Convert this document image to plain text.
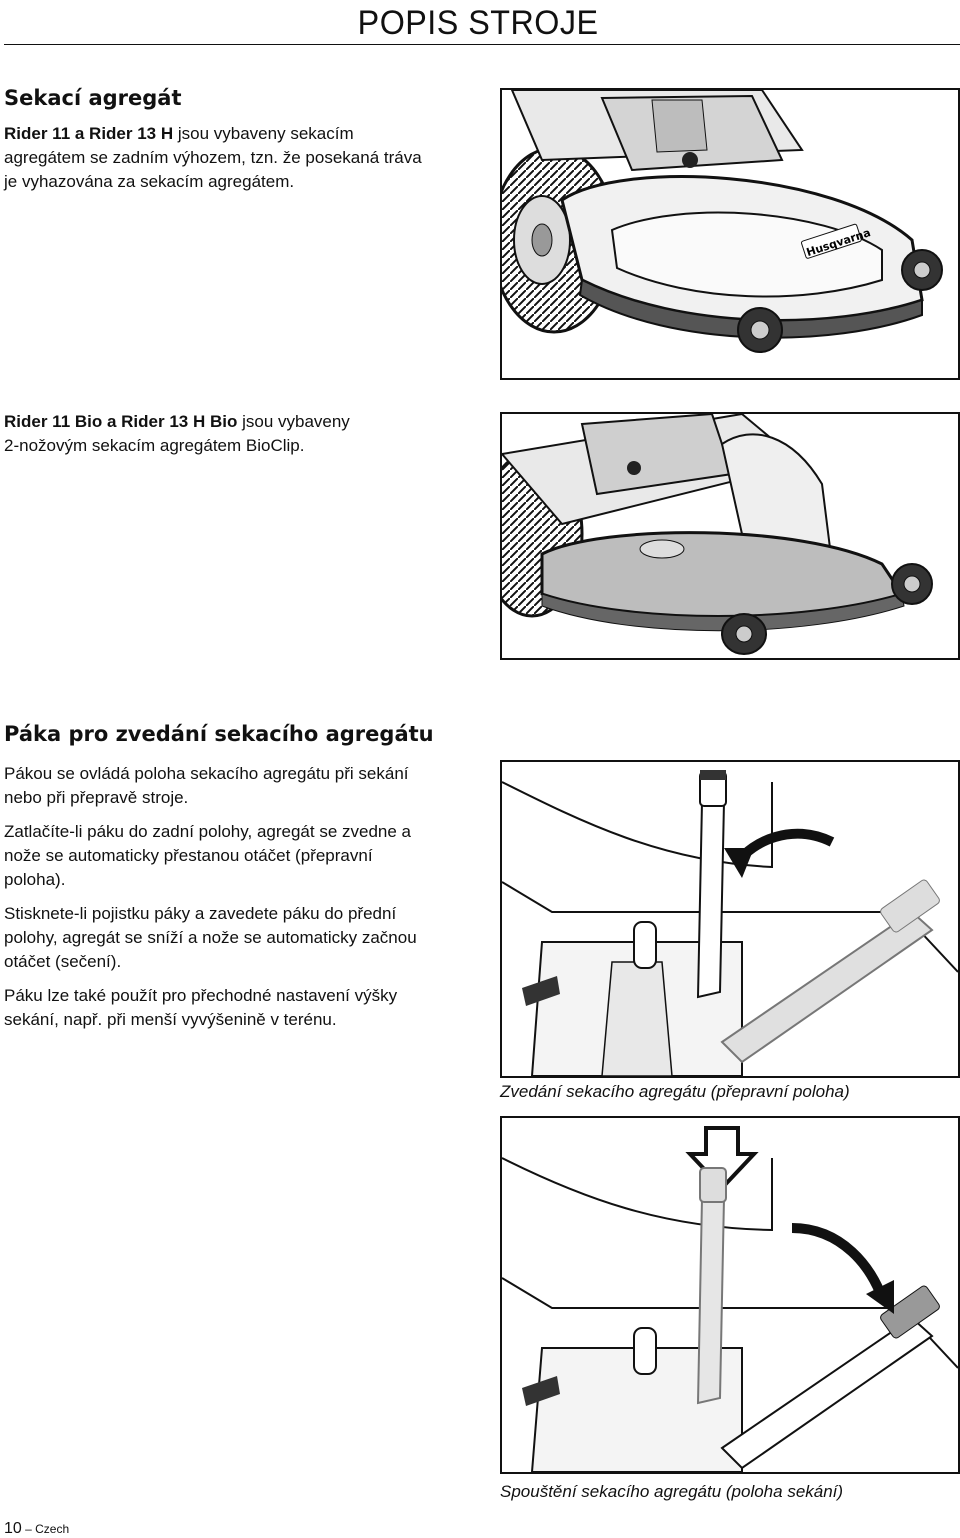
POPIS STROJE
Sekací agregát
Rider 11 a Rider 13 H jsou vybaveny sekacím
agregátem se zadním výhozem, tzn. že posekaná tráva
je vyhazována za sekacím agregátem.
Rider 11 Bio a Rider 13 H Bio jsou vybaveny
2-nožovým sekacím agregátem BioClip.
Husqvarna
Páka pro zvedání sekacího agregátu
Pákou se ovládá poloha sekacího agregátu při sekání
nebo při přepravě stroje.
Zatlačíte-li páku do zadní polohy, agregát se zvedne a
nože se automaticky přestanou otáčet (přepravní
poloha).
Stisknete-li pojistku páky a zavedete páku do přední
polohy, agregát se sníží a nože se automaticky začnou
otáčet (sečení).
Páku lze také použít pro přechodné nastavení výšky
sekání, např. při menší vyvýšenině v terénu.
Zvedání sekacího agregátu (přepravní poloha)
Spouštění sekacího agregátu (poloha sekání)
10 – Czech
